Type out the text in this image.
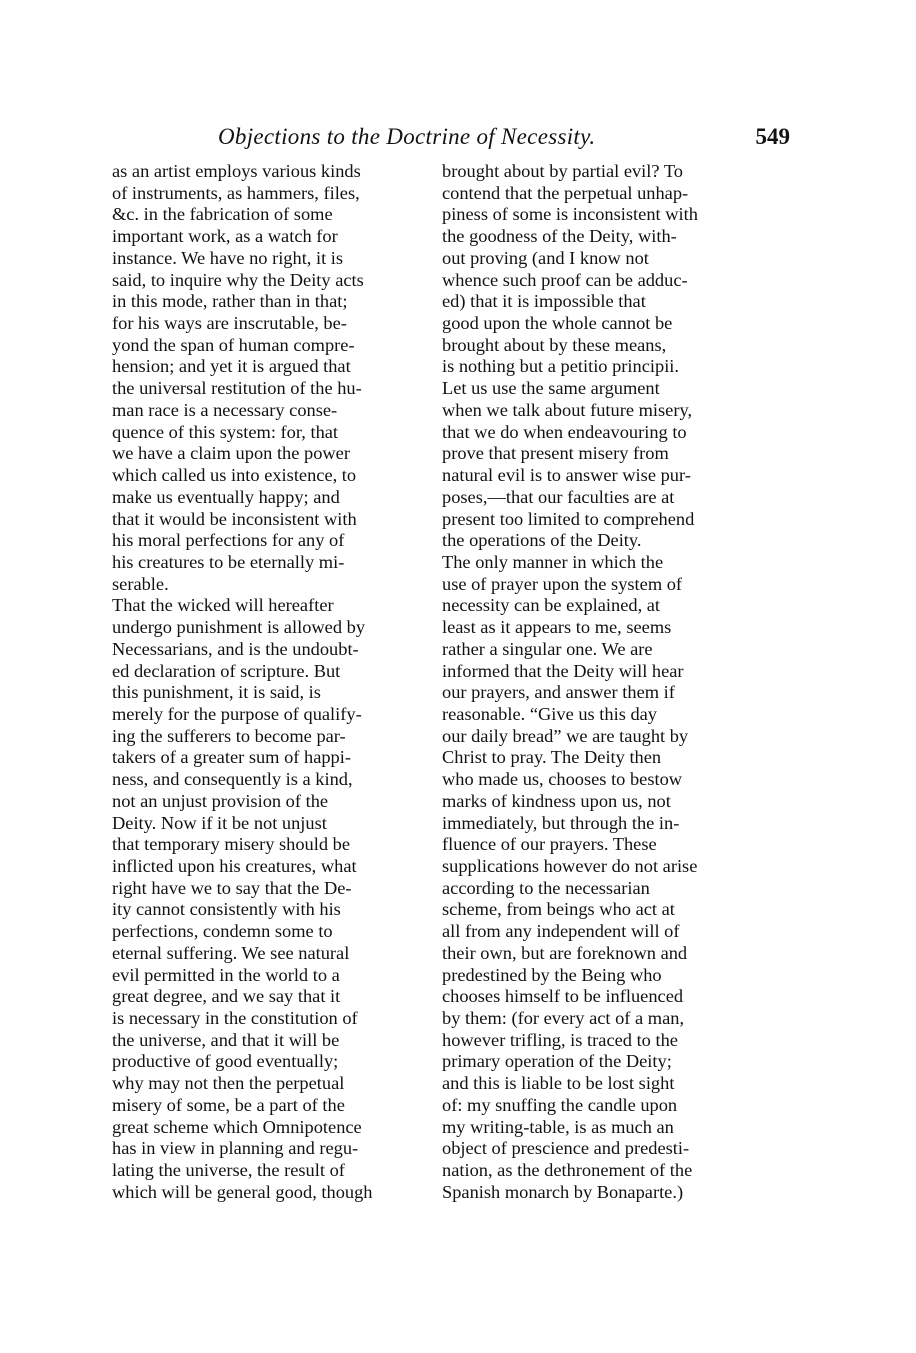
Objections to the Doctrine of Necessity.	549
as an artist employs various kinds
of instruments, as hammers, files,
&c. in the fabrication of some
important work, as a watch for
instance. We have no right, it is
said, to inquire why the Deity acts
in this mode, rather than in that;
for his ways are inscrutable, be-
yond the span of human compre-
hension; and yet it is argued that
the universal restitution of the hu-
man race is a necessary conse-
quence of this system: for, that
we have a claim upon the power
which called us into existence, to
make us eventually happy; and
that it would be inconsistent with
his moral perfections for any of
his creatures to be eternally mi-
serable.
That the wicked will hereafter
undergo punishment is allowed by
Necessarians, and is the undoubt-
ed declaration of scripture. But
this punishment, it is said, is
merely for the purpose of qualify-
ing the sufferers to become par-
takers of a greater sum of happi-
ness, and consequently is a kind,
not an unjust provision of the
Deity. Now if it be not unjust
that temporary misery should be
inflicted upon his creatures, what
right have we to say that the De-
ity cannot consistently with his
perfections, condemn some to
eternal suffering. We see natural
evil permitted in the world to a
great degree, and we say that it
is necessary in the constitution of
the universe, and that it will be
productive of good eventually;
why may not then the perpetual
misery of some, be a part of the
great scheme which Omnipotence
has in view in planning and regu-
lating the universe, the result of
which will be general good, though
brought about by partial evil? To
contend that the perpetual unhap-
piness of some is inconsistent with
the goodness of the Deity, with-
out proving (and I know not
whence such proof can be adduc-
ed) that it is impossible that
good upon the whole cannot be
brought about by these means,
is nothing but a petitio principii.
Let us use the same argument
when we talk about future misery,
that we do when endeavouring to
prove that present misery from
natural evil is to answer wise pur-
poses,—that our faculties are at
present too limited to comprehend
the operations of the Deity.
The only manner in which the
use of prayer upon the system of
necessity can be explained, at
least as it appears to me, seems
rather a singular one. We are
informed that the Deity will hear
our prayers, and answer them if
reasonable. “Give us this day
our daily bread” we are taught by
Christ to pray. The Deity then
who made us, chooses to bestow
marks of kindness upon us, not
immediately, but through the in-
fluence of our prayers. These
supplications however do not arise
according to the necessarian
scheme, from beings who act at
all from any independent will of
their own, but are foreknown and
predestined by the Being who
chooses himself to be influenced
by them: (for every act of a man,
however trifling, is traced to the
primary operation of the Deity;
and this is liable to be lost sight
of: my snuffing the candle upon
my writing-table, is as much an
object of prescience and predesti-
nation, as the dethronement of the
Spanish monarch by Bonaparte.)
